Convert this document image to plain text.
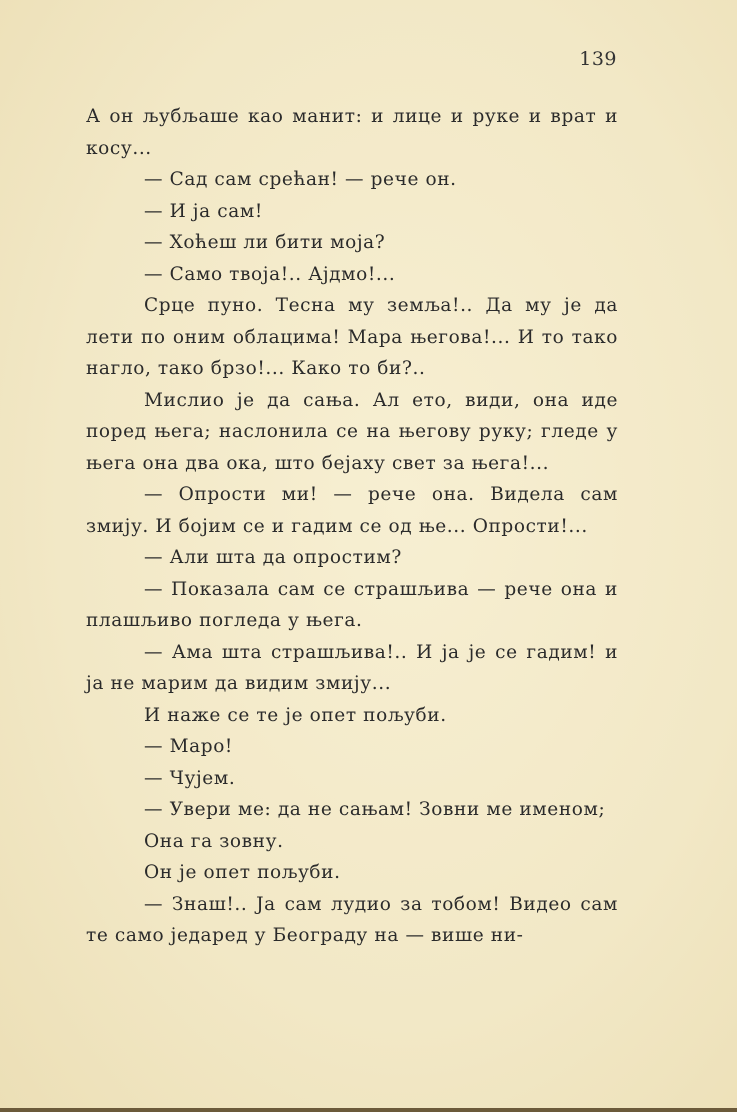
139

А он љубљаше као манит: и лице и руке и врат и косу...

— Сад сам срећан! — рече он.

— И ја сам!

— Хоћеш ли бити моја?

— Само твоја!.. Ајдмо!...

Срце пуно. Тесна му земља!.. Да му је да лети по оним облацима! Мара његова!... И то тако нагло, тако брзо!... Како то би?..

Мислио је да сања. Ал ето, види, она иде поред њега; наслонила се на његову руку; гледе у њега она два ока, што бејаху свет за њега!...

— Опрости ми! — рече она. Видела сам змију. И бојим се и гадим се од ње... Опрости!...

— Али шта да опростим?

— Показала сам се страшљива — рече она и плашљиво погледа у њега.

— Ама шта страшљива!.. И ја је се гадим! и ја не марим да видим змију...

И наже се те је опет пољуби.

— Маро!

— Чујем.

— Увери ме: да не сањам! Зовни ме именом;

Она га зовну.

Он је опет пољуби.

— Знаш!.. Ја сам лудио за тобом! Видео сам те само једаред у Београду на — више ни-
